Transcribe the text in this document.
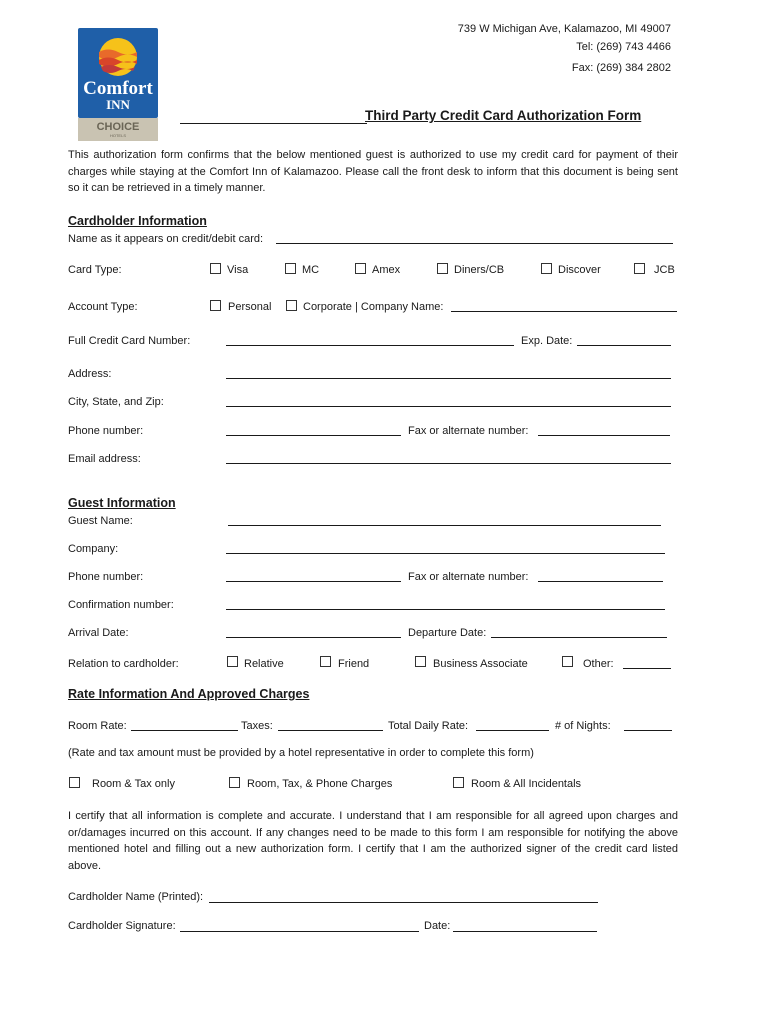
Comfort
INN
CHOICE
HOTELS
739 W Michigan Ave, Kalamazoo, MI 49007
Tel: (269) 743 4466
Fax: (269) 384 2802
Third Party Credit Card Authorization Form
This authorization form confirms that the below mentioned guest is authorized to use my credit card for payment of their charges while staying at the Comfort Inn of Kalamazoo. Please call the front desk to inform that this document is being sent so it can be retrieved in a timely manner.
Cardholder Information
Name as it appears on credit/debit card:
Card Type:	Visa	MC	Amex	Diners/CB	Discover	JCB
Account Type:	Personal	Corporate | Company Name:
Full Credit Card Number:	Exp. Date:
Address:
City, State, and Zip:
Phone number:	Fax or alternate number:
Email address:
Guest Information
Guest Name:
Company:
Phone number:	Fax or alternate number:
Confirmation number:
Arrival Date:	Departure Date:
Relation to cardholder:	Relative	Friend	Business Associate	Other:
Rate Information And Approved Charges
Room Rate:	Taxes:	Total Daily Rate:	# of Nights:
(Rate and tax amount must be provided by a hotel representative in order to complete this form)
Room & Tax only	Room, Tax, & Phone Charges	Room & All Incidentals
I certify that all information is complete and accurate. I understand that I am responsible for all agreed upon charges and or/damages incurred on this account. If any changes need to be made to this form I am responsible for notifying the above mentioned hotel and filling out a new authorization form. I certify that I am the authorized signer of the credit card listed above.
Cardholder Name (Printed):
Cardholder Signature:	Date:
